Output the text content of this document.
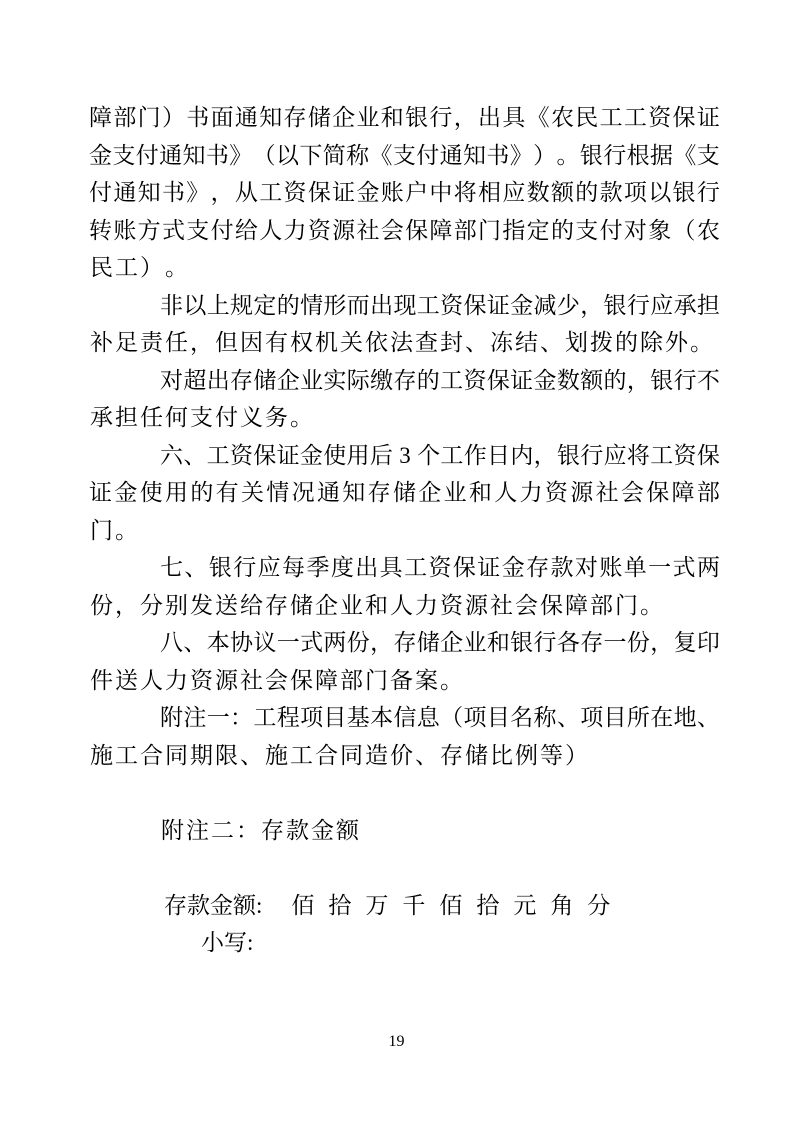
障 部 门 ） 书 面 通 知 存 储 企 业 和 银 行 ， 出 具 《 农 民 工 工 资 保 证
金 支 付 通 知 书 》 （ 以 下 简 称 《 支 付 通 知 书 》 ） 。 银 行 根 据 《 支
付 通 知 书 》 ， 从 工 资 保 证 金 账 户 中 将 相 应 数 额 的 款 项 以 银 行
转 账 方 式 支 付 给 人 力 资 源 社 会 保 障 部 门 指 定 的 支 付 对 象 （ 农
民工）。
非 以 上 规 定 的 情 形 而 出 现 工 资 保 证 金 减 少 ， 银 行 应 承 担
补足责任，但因有权机关依法查封、冻结、划拨的除外。
对 超 出 存 储 企 业 实 际 缴 存 的 工 资 保 证 金 数 额 的 ， 银 行 不
承担任何支付义务。
六 、 工 资 保 证 金 使 用 后
3
个 工 作 日 内 ， 银 行 应 将 工 资 保
证 金 使 用 的 有 关 情 况 通 知 存 储 企 业 和 人 力 资 源 社 会 保 障 部
门。
七 、 银 行 应 每 季 度 出 具 工 资 保 证 金 存 款 对 账 单 一 式 两
份，分别发送给存储企业和人力资源社会保障部门。
八 、 本 协 议 一 式 两 份 ， 存 储 企 业 和 银 行 各 存 一 份 ， 复 印
件送人力资源社会保障部门备案。
附 注 一 ： 工 程 项 目 基 本 信 息 （ 项 目 名 称 、 项 目 所 在 地 、
施工合同期限、施工合同造价、存储比例等）
附注二：存款金额
存款金额: 佰 拾 万 千 佰 拾 元 角 分
小写:
19
